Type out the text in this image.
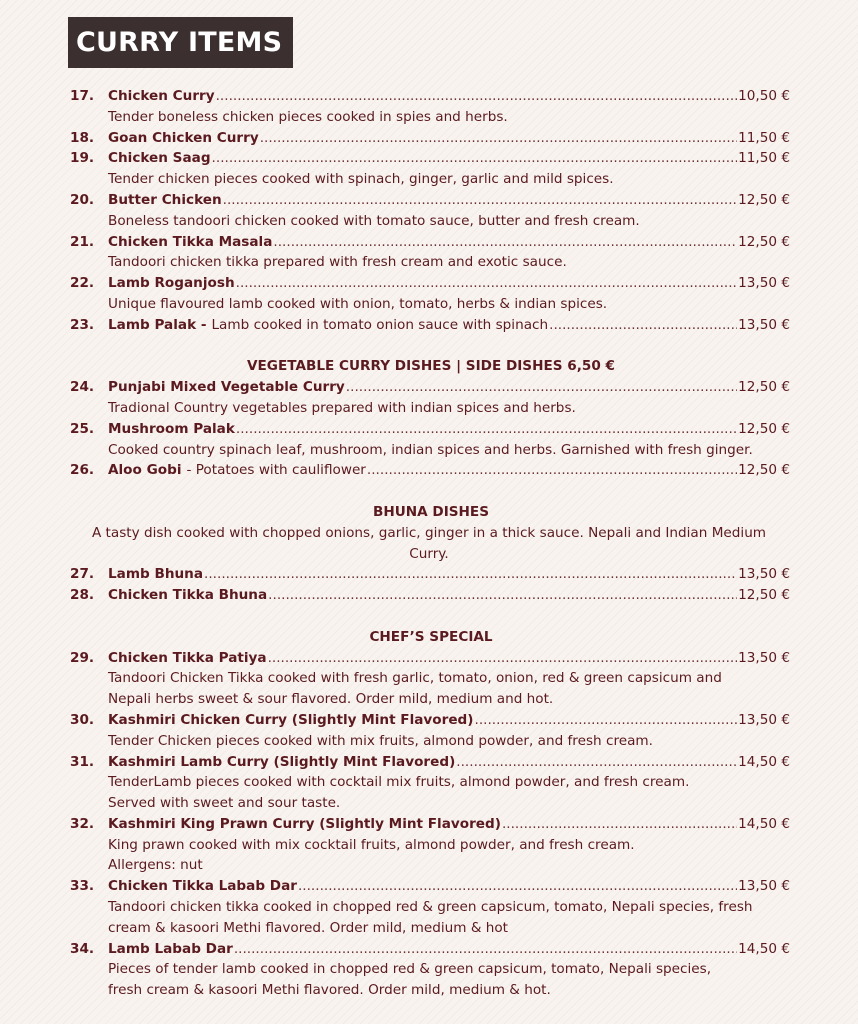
CURRY ITEMS
17.	Chicken Curry .....	10,50 €
Tender boneless chicken pieces cooked in spies and herbs.
18.	Goan Chicken Curry .....	11,50 €
19.	Chicken Saag .....	11,50 €
Tender chicken pieces cooked with spinach, ginger, garlic and mild spices.
20.	Butter Chicken .....	12,50 €
Boneless tandoori chicken cooked with tomato sauce, butter and fresh cream.
21.	Chicken Tikka Masala .....	12,50 €
Tandoori chicken tikka prepared with fresh cream and exotic sauce.
22.	Lamb Roganjosh .....	13,50 €
Unique flavoured lamb cooked with onion, tomato, herbs & indian spices.
23.	Lamb Palak - Lamb cooked in tomato onion sauce with spinach .....	13,50 €
VEGETABLE CURRY DISHES | SIDE DISHES 6,50 €
24.	Punjabi Mixed Vegetable Curry .....	12,50 €
Tradional Country vegetables prepared with indian spices and herbs.
25.	Mushroom Palak .....	12,50 €
Cooked country spinach leaf, mushroom, indian spices and herbs. Garnished with fresh ginger.
26.	Aloo Gobi - Potatoes with cauliflower .....	12,50 €
BHUNA DISHES
A tasty dish cooked with chopped onions, garlic, ginger in a thick sauce. Nepali and Indian Medium
Curry.
27.	Lamb Bhuna .....	13,50 €
28.	Chicken Tikka Bhuna .....	12,50 €
CHEF’S SPECIAL
29.	Chicken Tikka Patiya .....	13,50 €
Tandoori Chicken Tikka cooked with fresh garlic, tomato, onion, red & green capsicum and
Nepali herbs sweet & sour flavored. Order mild, medium and hot.
30.	Kashmiri Chicken Curry (Slightly Mint Flavored) .....	13,50 €
Tender Chicken pieces cooked with mix fruits, almond powder, and fresh cream.
31.	Kashmiri Lamb Curry (Slightly Mint Flavored) .....	14,50 €
TenderLamb pieces cooked with cocktail mix fruits, almond powder, and fresh cream.
Served with sweet and sour taste.
32.	Kashmiri King Prawn Curry (Slightly Mint Flavored) .....	14,50 €
King prawn cooked with mix cocktail fruits, almond powder, and fresh cream.
Allergens: nut
33.	Chicken Tikka Labab Dar .....	13,50 €
Tandoori chicken tikka cooked in chopped red & green capsicum, tomato, Nepali species, fresh
cream & kasoori Methi flavored. Order mild, medium & hot
34.	Lamb Labab Dar .....	14,50 €
Pieces of tender lamb cooked in chopped red & green capsicum, tomato, Nepali species,
fresh cream & kasoori Methi flavored. Order mild, medium & hot.
